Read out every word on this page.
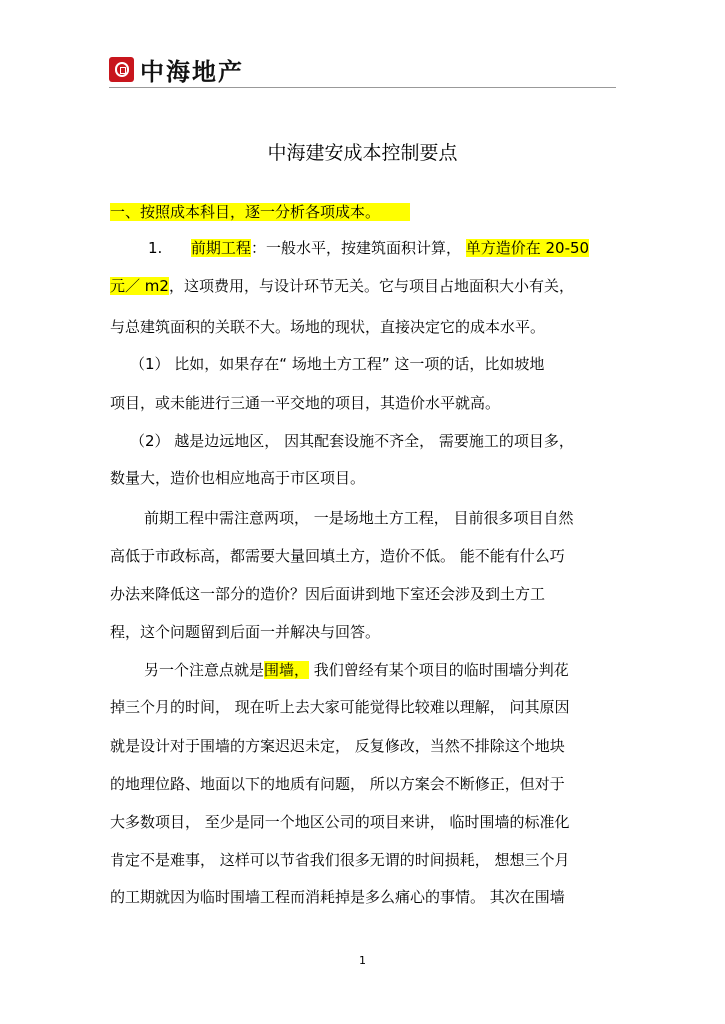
中海地产
中海建安成本控制要点
一、按照成本科目，逐一分析各项成本。
1. 前期工程：一般水平，按建筑面积计算， 单方造价在 20-50
元／ m2，这项费用，与设计环节无关。它与项目占地面积大小有关，
与总建筑面积的关联不大。场地的现状，直接决定它的成本水平。
（1） 比如，如果存在“ 场地土方工程” 这一项的话，比如坡地
项目，或未能进行三通一平交地的项目，其造价水平就高。
（2） 越是边远地区， 因其配套设施不齐全， 需要施工的项目多，
数量大，造价也相应地高于市区项目。
前期工程中需注意两项， 一是场地土方工程， 目前很多项目自然
高低于市政标高，都需要大量回填土方，造价不低。 能不能有什么巧
办法来降低这一部分的造价？因后面讲到地下室还会涉及到土方工
程，这个问题留到后面一并解决与回答。
另一个注意点就是围墙， 我们曾经有某个项目的临时围墙分判花
掉三个月的时间， 现在听上去大家可能觉得比较难以理解， 问其原因
就是设计对于围墙的方案迟迟未定， 反复修改，当然不排除这个地块
的地理位路、地面以下的地质有问题， 所以方案会不断修正，但对于
大多数项目， 至少是同一个地区公司的项目来讲， 临时围墙的标准化
肯定不是难事， 这样可以节省我们很多无谓的时间损耗， 想想三个月
的工期就因为临时围墙工程而消耗掉是多么痛心的事情。 其次在围墙
1
